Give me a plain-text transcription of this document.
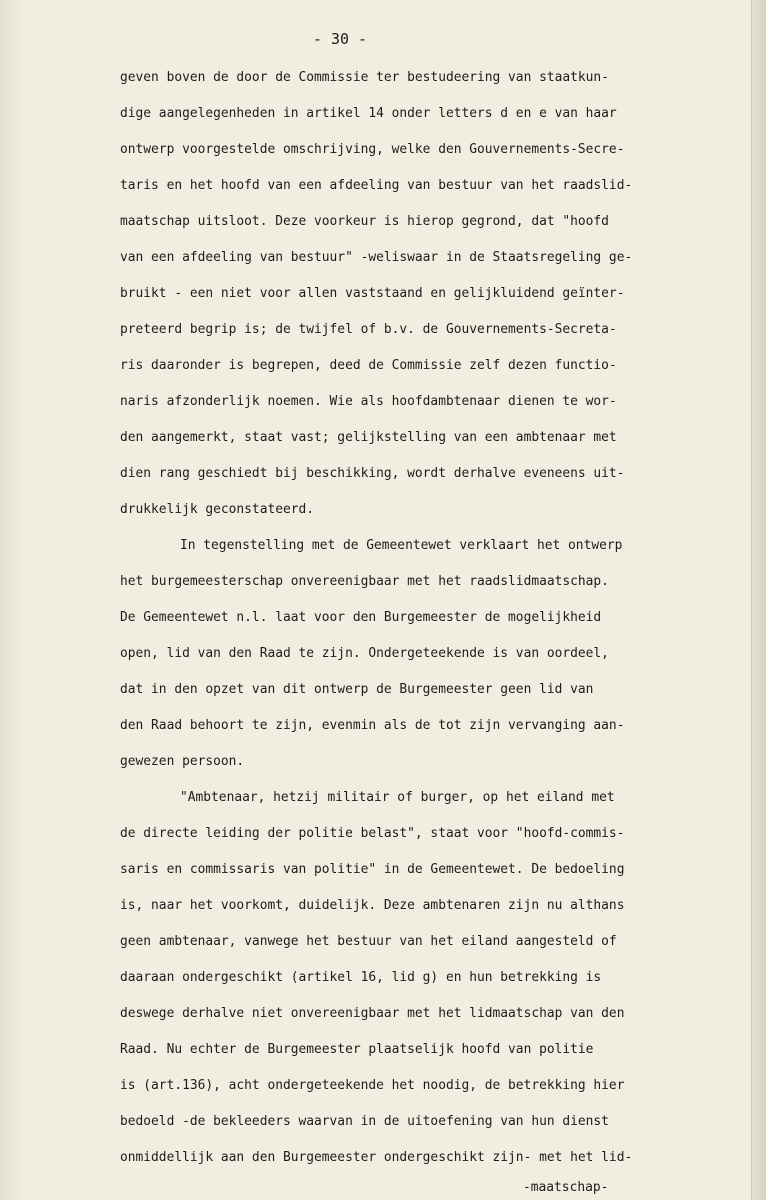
- 30 -
geven boven de door de Commissie ter bestudeering van staatkun-
dige aangelegenheden in artikel 14 onder letters d en e van haar
ontwerp voorgestelde omschrijving, welke den Gouvernements-Secre-
taris en het hoofd van een afdeeling van bestuur van het raadslid-
maatschap uitsloot. Deze voorkeur is hierop gegrond, dat "hoofd
van een afdeeling van bestuur" -weliswaar in de Staatsregeling ge-
bruikt - een niet voor allen vaststaand en gelijkluidend geïnter-
preteerd begrip is; de twijfel of b.v. de Gouvernements-Secreta-
ris daaronder is begrepen, deed de Commissie zelf dezen functio-
naris afzonderlijk noemen. Wie als hoofdambtenaar dienen te wor-
den aangemerkt, staat vast; gelijkstelling van een ambtenaar met
dien rang geschiedt bij beschikking, wordt derhalve eveneens uit-
drukkelijk geconstateerd.
In tegenstelling met de Gemeentewet verklaart het ontwerp
het burgemeesterschap onvereenigbaar met het raadslidmaatschap.
De Gemeentewet n.l. laat voor den Burgemeester de mogelijkheid
open, lid van den Raad te zijn. Ondergeteekende is van oordeel,
dat in den opzet van dit ontwerp de Burgemeester geen lid van
den Raad behoort te zijn, evenmin als de tot zijn vervanging aan-
gewezen persoon.
"Ambtenaar, hetzij militair of burger, op het eiland met
de directe leiding der politie belast", staat voor "hoofd-commis-
saris en commissaris van politie" in de Gemeentewet. De bedoeling
is, naar het voorkomt, duidelijk. Deze ambtenaren zijn nu althans
geen ambtenaar, vanwege het bestuur van het eiland aangesteld of
daaraan ondergeschikt (artikel 16, lid g) en hun betrekking is
deswege derhalve niet onvereenigbaar met het lidmaatschap van den
Raad. Nu echter de Burgemeester plaatselijk hoofd van politie
is (art.136), acht ondergeteekende het noodig, de betrekking hier
bedoeld -de bekleeders waarvan in de uitoefening van hun dienst
onmiddellijk aan den Burgemeester ondergeschikt zijn- met het lid-
-maatschap-
